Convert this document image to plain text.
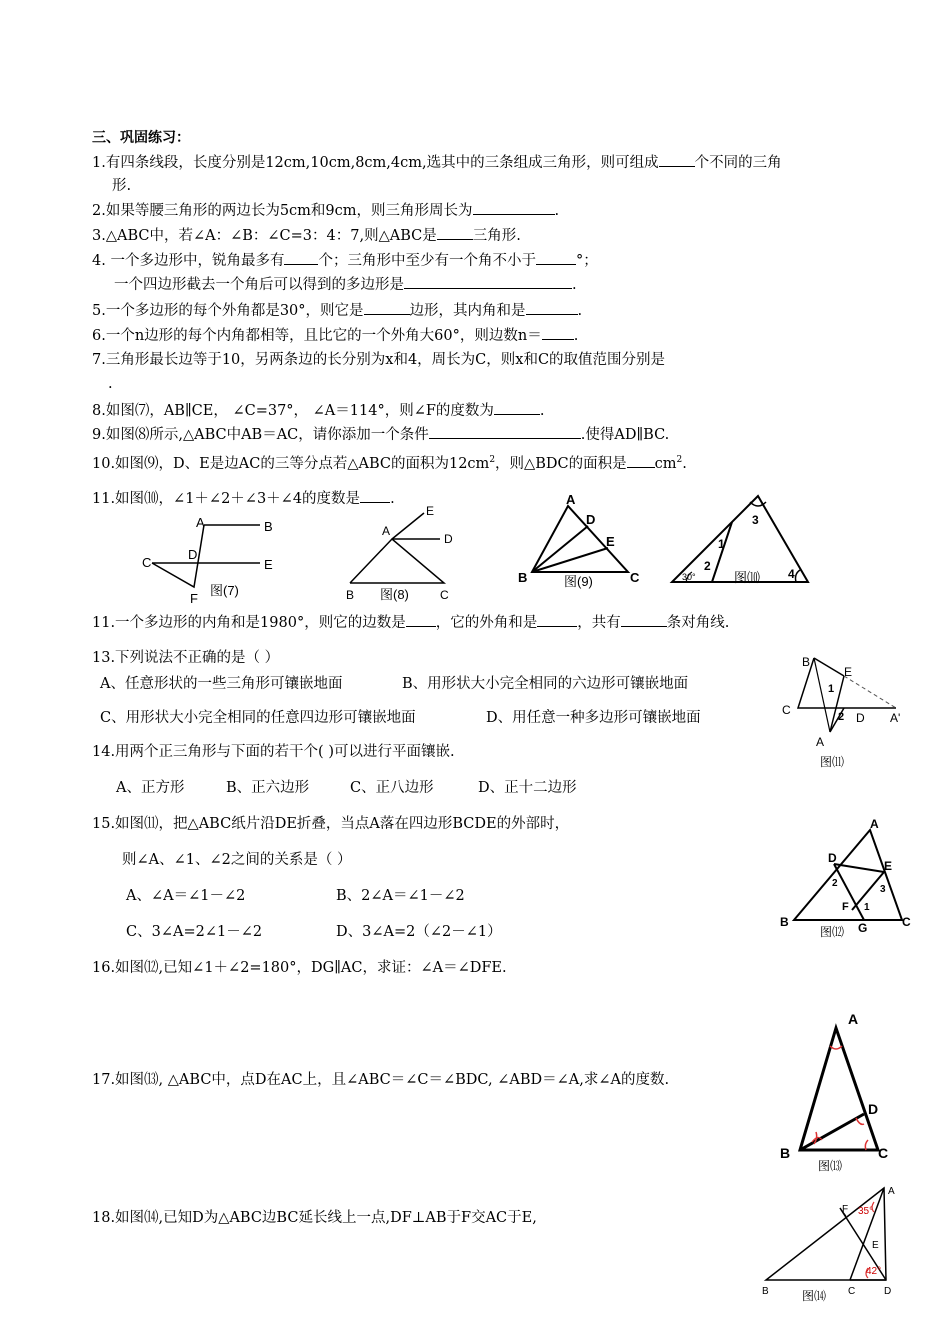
三、巩固练习：
1.有四条线段，长度分别是12cm,10cm,8cm,4cm,选其中的三条组成三角形，则可组成 个不同的三角
形.
2.如果等腰三角形的两边长为5cm和9cm，则三角形周长为	.
3.△ABC中，若∠A：∠B：∠C=3：4：7,则△ABC是 三角形.
4. 一个多边形中，锐角最多有 个；三角形中至少有一个角不小于	°；
一个四边形截去一个角后可以得到的多边形是	.
5.一个多边形的每个外角都是30°，则它是	边形，其内角和是	.
6.一个n边形的每个内角都相等，且比它的一个外角大60°，则边数n＝ .
7.三角形最长边等于10，另两条边的长分别为x和4，周长为C，则x和C的取值范围分别是
.
8.如图⑺，AB∥CE， ∠C=37°， ∠A＝114°，则∠F的度数为	.
9.如图⑻所示,△ABC中AB＝AC，请你添加一个条件	.使得AD∥BC.
10.如图⑼，D、E是边AC的三等分点若△ABC的面积为$12cm^2$，则△BDC的面积是 $cm^2$.
11.如图⑽，∠1＋∠2＋∠3＋∠4的度数是 .
A	B
C
D
E
F
图(7)
A
B	C
D
E
图(8)
A
B	C
D
E
图(9)
3
1
2
4
30°	图⑽
11.一个多边形的内角和是1980°，则它的边数是 ，它的外角和是	，共有	条对角线.
13.下列说法不正确的是（ ）
A、任意形状的一些三角形可镶嵌地面	B、用形状大小完全相同的六边形可镶嵌地面
C、用形状大小完全相同的任意四边形可镶嵌地面	D、用任意一种多边形可镶嵌地面
B
E
C
D
A
A'
1
2
图⑾
14.用两个正三角形与下面的若干个( )可以进行平面镶嵌.
A、正方形	B、正六边形	C、正八边形	D、正十二边形
15.如图⑾，把△ABC纸片沿DE折叠，当点A落在四边形BCDE的外部时，
则∠A、∠1、∠2之间的关系是（ ）
A、∠A＝∠1－∠2	B、2∠A＝∠1－∠2
C、3∠A=2∠1－∠2	D、3∠A=2（∠2－∠1）
A
D
E
B	C
G
F 1
2
3
图⑿
16.如图⑿,已知∠1＋∠2=180°，DG∥AC，求证：∠A＝∠DFE.
17.如图⒀, △ABC中，点D在AC上，且∠ABC＝∠C＝∠BDC, ∠ABD＝∠A,求∠A的度数.
A
B	C
D
图⒀
18.如图⒁,已知D为△ABC边BC延长线上一点,DF⊥AB于F交AC于E,
A
F
E
B	C	D
35°
42°
图⒁
